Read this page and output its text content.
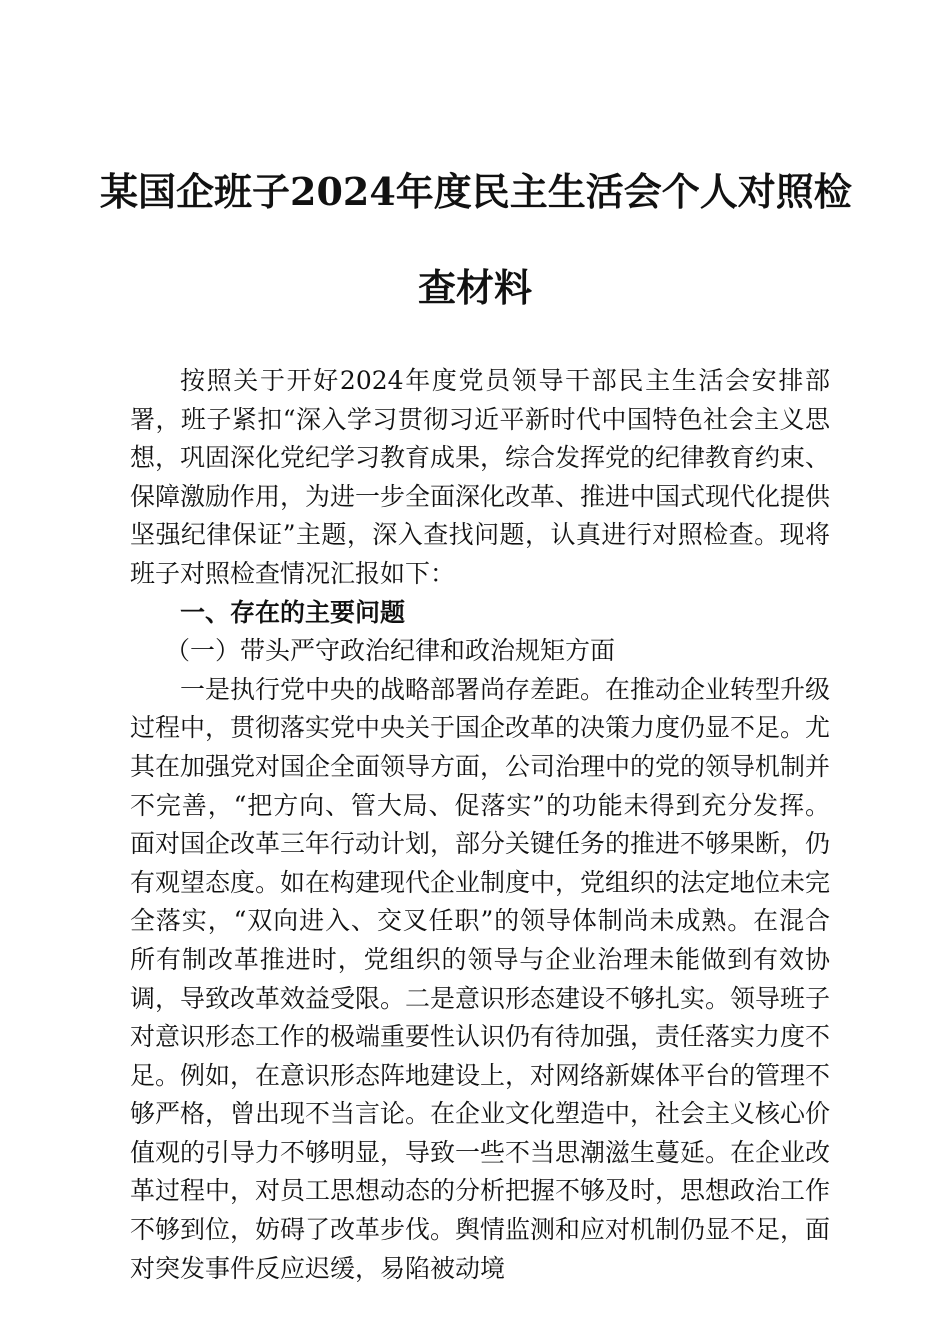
某国企班子2024年度民主生活会个人对照检
查材料

按照关于开好2024年度党员领导干部民主生活会安排部署，班子紧扣“深入学习贯彻习近平新时代中国特色社会主义思想，巩固深化党纪学习教育成果，综合发挥党的纪律教育约束、保障激励作用，为进一步全面深化改革、推进中国式现代化提供坚强纪律保证”主题，深入查找问题，认真进行对照检查。现将班子对照检查情况汇报如下：

一、存在的主要问题

（一）带头严守政治纪律和政治规矩方面

一是执行党中央的战略部署尚存差距。在推动企业转型升级过程中，贯彻落实党中央关于国企改革的决策力度仍显不足。尤其在加强党对国企全面领导方面，公司治理中的党的领导机制并不完善，“把方向、管大局、促落实”的功能未得到充分发挥。面对国企改革三年行动计划，部分关键任务的推进不够果断，仍有观望态度。如在构建现代企业制度中，党组织的法定地位未完全落实，“双向进入、交叉任职”的领导体制尚未成熟。在混合所有制改革推进时，党组织的领导与企业治理未能做到有效协调，导致改革效益受限。二是意识形态建设不够扎实。领导班子对意识形态工作的极端重要性认识仍有待加强，责任落实力度不足。例如，在意识形态阵地建设上，对网络新媒体平台的管理不够严格，曾出现不当言论。在企业文化塑造中，社会主义核心价值观的引导力不够明显，导致一些不当思潮滋生蔓延。在企业改革过程中，对员工思想动态的分析把握不够及时，思想政治工作不够到位，妨碍了改革步伐。舆情监测和应对机制仍显不足，面对突发事件反应迟缓，易陷被动境
